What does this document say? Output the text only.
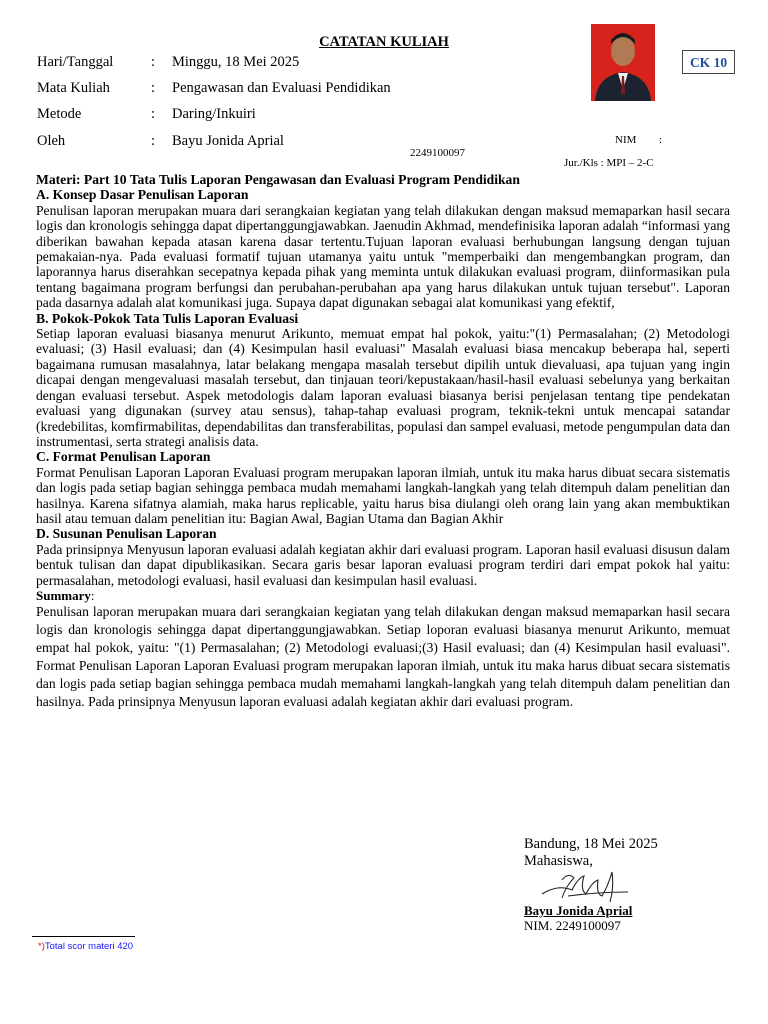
CATATAN KULIAH
Hari/Tanggal	: Minggu, 18 Mei 2025
Mata Kuliah	: Pengawasan dan Evaluasi Pendidikan
Metode	: Daring/Inkuiri
Oleh	: Bayu Jonida Aprial	NIM :
2249100097
Jur./Kls : MPI – 2-C
CK 10
Materi: Part 10 Tata Tulis Laporan Pengawasan dan Evaluasi Program Pendidikan
A. Konsep Dasar Penulisan Laporan

Penulisan laporan merupakan muara dari serangkaian kegiatan yang telah dilakukan dengan maksud memaparkan hasil secara logis dan kronologis sehingga dapat dipertanggungjawabkan. Jaenudin Akhmad, mendefinisika laporan adalah “informasi yang diberikan bawahan kepada atasan karena dasar tertentu.Tujuan laporan evaluasi berhubungan langsung dengan tujuan pemakaian-nya. Pada evaluasi formatif tujuan utamanya yaitu untuk "memperbaiki dan mengembangkan program, dan laporannya harus diserahkan secepatnya kepada pihak yang meminta untuk dilakukan evaluasi program, diinformasikan pula tentang bagaimana program berfungsi dan perubahan-perubahan apa yang harus dilakukan untuk tujuan tersebut". Laporan pada dasarnya adalah alat komunikasi juga. Supaya dapat digunakan sebagai alat komunikasi yang efektif,

B. Pokok-Pokok Tata Tulis Laporan Evaluasi

Setiap laporan evaluasi biasanya menurut Arikunto, memuat empat hal pokok, yaitu:"(1) Permasalahan; (2) Metodologi evaluasi; (3) Hasil evaluasi; dan (4) Kesimpulan hasil evaluasi" Masalah evaluasi biasa mencakup beberapa hal, seperti bagaimana rumusan masalahnya, latar belakang mengapa masalah tersebut dipilih untuk dievaluasi, apa tujuan yang ingin dicapai dengan mengevaluasi masalah tersebut, dan tinjauan teori/kepustakaan/hasil-hasil evaluasi sebelunya yang berkaitan dengan evaluasi tersebut. Aspek metodologis dalam laporan evaluasi biasanya berisi penjelasan tentang tipe pendekatan evaluasi yang digunakan (survey atau sensus), tahap-tahap evaluasi program, teknik-tekni untuk mencapai satandar (kredebilitas, komfirmabilitas, dependabilitas dan transferabilitas, populasi dan sampel evaluasi, metode pengumpulan data dan instrumentasi, serta strategi analisis data.

C. Format Penulisan Laporan

Format Penulisan Laporan Laporan Evaluasi program merupakan laporan ilmiah, untuk itu maka harus dibuat secara sistematis dan logis pada setiap bagian sehingga pembaca mudah memahami langkah-langkah yang telah ditempuh dalam penelitian dan hasilnya. Karena sifatnya alamiah, maka harus replicable, yaitu harus bisa diulangi oleh orang lain yang akan membuktikan hasil atau temuan dalam penelitian itu: Bagian Awal, Bagian Utama dan Bagian Akhir

D. Susunan Penulisan Laporan

Pada prinsipnya Menyusun laporan evaluasi adalah kegiatan akhir dari evaluasi program. Laporan hasil evaluasi disusun dalam bentuk tulisan dan dapat dipublikasikan. Secara garis besar laporan evaluasi program terdiri dari empat pokok hal yaitu: permasalahan, metodologi evaluasi, hasil evaluasi dan kesimpulan hasil evaluasi.

Summary:

Penulisan laporan merupakan muara dari serangkaian kegiatan yang telah dilakukan dengan maksud memaparkan hasil secara logis dan kronologis sehingga dapat dipertanggungjawabkan. Setiap loporan evaluasi biasanya menurut Arikunto, memuat empat hal pokok, yaitu: "(1) Permasalahan; (2) Metodologi evaluasi;(3) Hasil evaluasi; dan (4) Kesimpulan hasil evaluasi". Format Penulisan Laporan Laporan Evaluasi program merupakan laporan ilmiah, untuk itu maka harus dibuat secara sistematis dan logis pada setiap bagian sehingga pembaca mudah memahami langkah-langkah yang telah ditempuh dalam penelitian dan hasilnya. Pada prinsipnya Menyusun laporan evaluasi adalah kegiatan akhir dari evaluasi program.

Bandung, 18 Mei 2025
Mahasiswa,
Bayu Jonida Aprial
NIM. 2249100097
*)Total scor materi 420
